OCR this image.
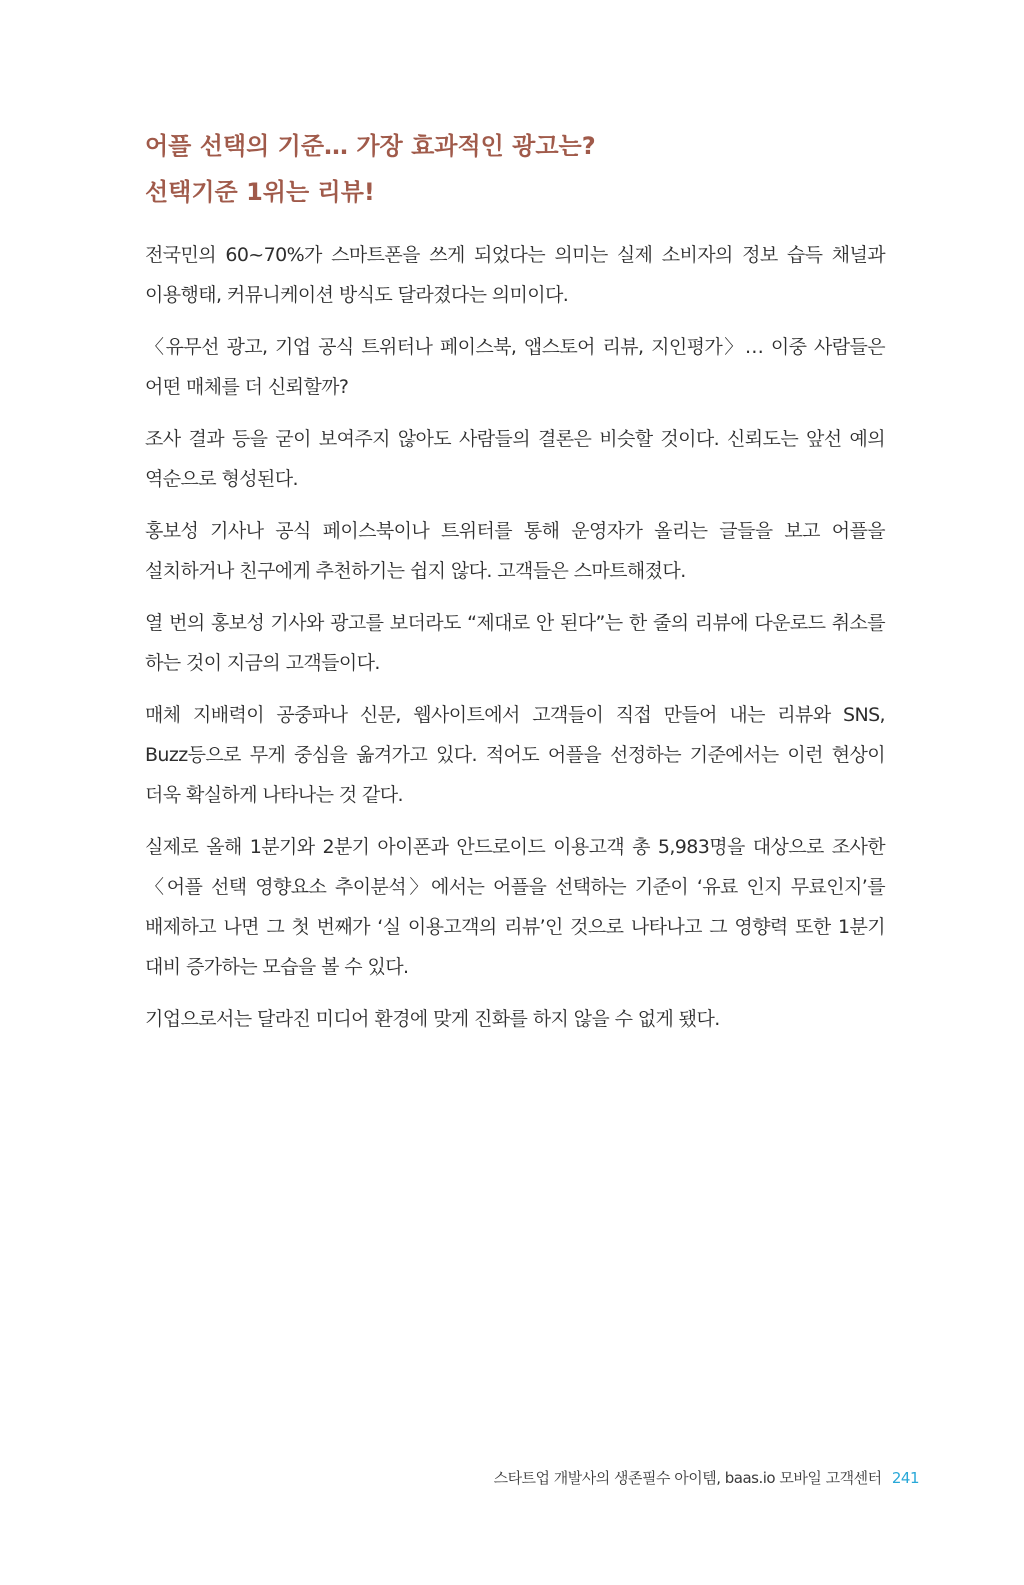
어플 선택의 기준… 가장 효과적인 광고는?
선택기준 1위는 리뷰!

전국민의 60~70%가 스마트폰을 쓰게 되었다는 의미는 실제 소비자의 정보 습득 채널과 이용행태, 커뮤니케이션 방식도 달라졌다는 의미이다.

〈유무선 광고, 기업 공식 트위터나 페이스북, 앱스토어 리뷰, 지인평가〉… 이중 사람들은 어떤 매체를 더 신뢰할까?

조사 결과 등을 굳이 보여주지 않아도 사람들의 결론은 비슷할 것이다. 신뢰도는 앞선 예의 역순으로 형성된다.

홍보성 기사나 공식 페이스북이나 트위터를 통해 운영자가 올리는 글들을 보고 어플을 설치하거나 친구에게 추천하기는 쉽지 않다. 고객들은 스마트해졌다.

열 번의 홍보성 기사와 광고를 보더라도 “제대로 안 된다”는 한 줄의 리뷰에 다운로드 취소를 하는 것이 지금의 고객들이다.

매체 지배력이 공중파나 신문, 웹사이트에서 고객들이 직접 만들어 내는 리뷰와 SNS, Buzz등으로 무게 중심을 옮겨가고 있다. 적어도 어플을 선정하는 기준에서는 이런 현상이 더욱 확실하게 나타나는 것 같다.

실제로 올해 1분기와 2분기 아이폰과 안드로이드 이용고객 총 5,983명을 대상으로 조사한 〈어플 선택 영향요소 추이분석〉에서는 어플을 선택하는 기준이 ‘유료 인지 무료인지’를 배제하고 나면 그 첫 번째가 ‘실 이용고객의 리뷰’인 것으로 나타나고 그 영향력 또한 1분기 대비 증가하는 모습을 볼 수 있다.

기업으로서는 달라진 미디어 환경에 맞게 진화를 하지 않을 수 없게 됐다.

스타트업 개발사의 생존필수 아이템, baas.io 모바일 고객센터 241
